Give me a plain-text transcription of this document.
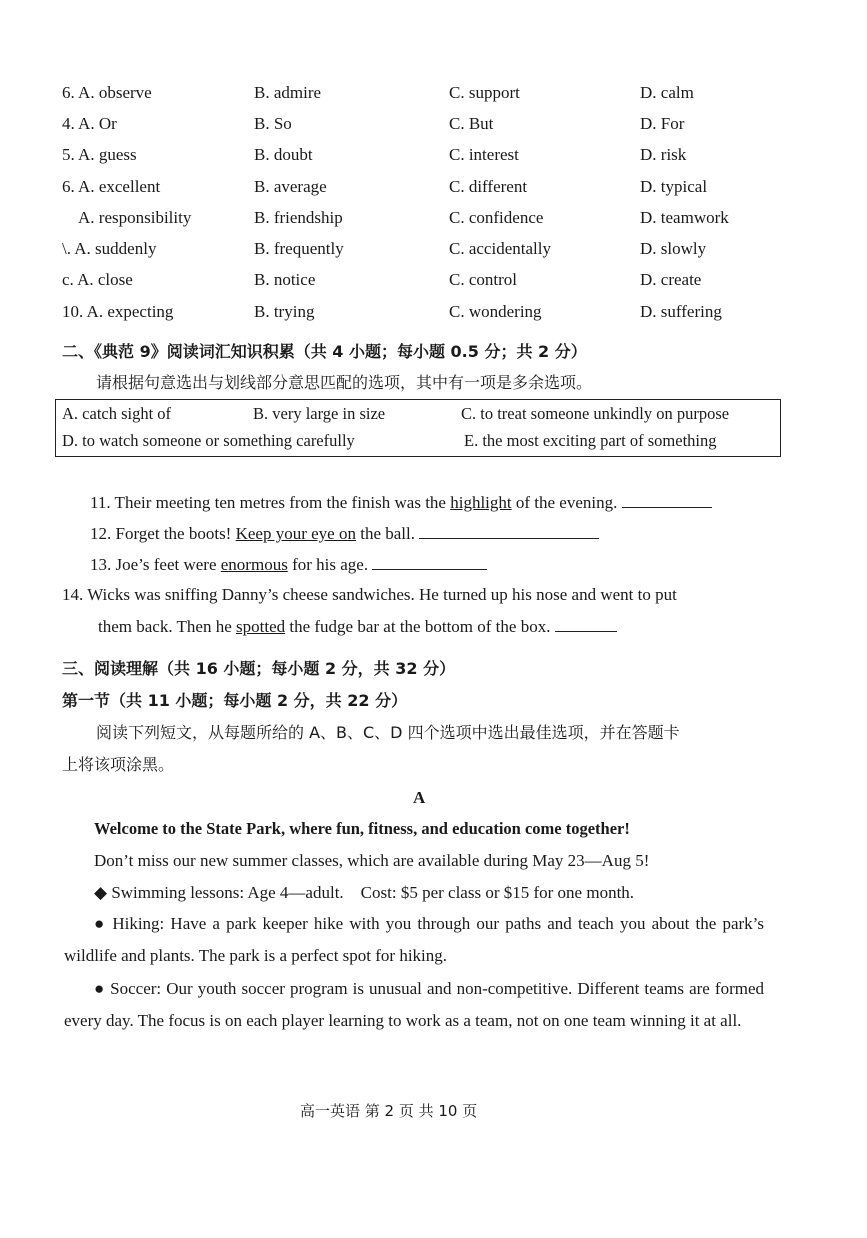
6. A. observe	B. admire	C. support	D. calm
4. A. Or	B. So	C. But	D. For
5. A. guess	B. doubt	C. interest	D. risk
6. A. excellent	B. average	C. different	D. typical
A. responsibility	B. friendship	C. confidence	D. teamwork
\. A. suddenly	B. frequently	C. accidentally	D. slowly
c. A. close	B. notice	C. control	D. create
10. A. expecting	B. trying	C. wondering	D. suffering
二、《典范 9》阅读词汇知识积累（共 4 小题；每小题 0.5 分；共 2 分）
请根据句意选出与划线部分意思匹配的选项，其中有一项是多余选项。
A. catch sight of	B. very large in size	C. to treat someone unkindly on purpose
D. to watch someone or something carefully	E. the most exciting part of something
11. Their meeting ten metres from the finish was the highlight of the evening.
12. Forget the boots! Keep your eye on the ball.
13. Joe’s feet were enormous for his age.
14. Wicks was sniffing Danny’s cheese sandwiches. He turned up his nose and went to put
them back. Then he spotted the fudge bar at the bottom of the box.
三、阅读理解（共 16 小题；每小题 2 分，共 32 分）
第一节（共 11 小题；每小题 2 分，共 22 分）
阅读下列短文，从每题所给的 A、B、C、D 四个选项中选出最佳选项，并在答题卡
上将该项涂黑。
A
Welcome to the State Park, where fun, fitness, and education come together!
Don’t miss our new summer classes, which are available during May 23—Aug 5!
◆ Swimming lessons: Age 4—adult.    Cost: $5 per class or $15 for one month.
● Hiking: Have a park keeper hike with you through our paths and teach you about the park’s wildlife and plants. The park is a perfect spot for hiking.
● Soccer: Our youth soccer program is unusual and non-competitive. Different teams are formed every day. The focus is on each player learning to work as a team, not on one team winning it at all.
高一英语 第 2 页 共 10 页
